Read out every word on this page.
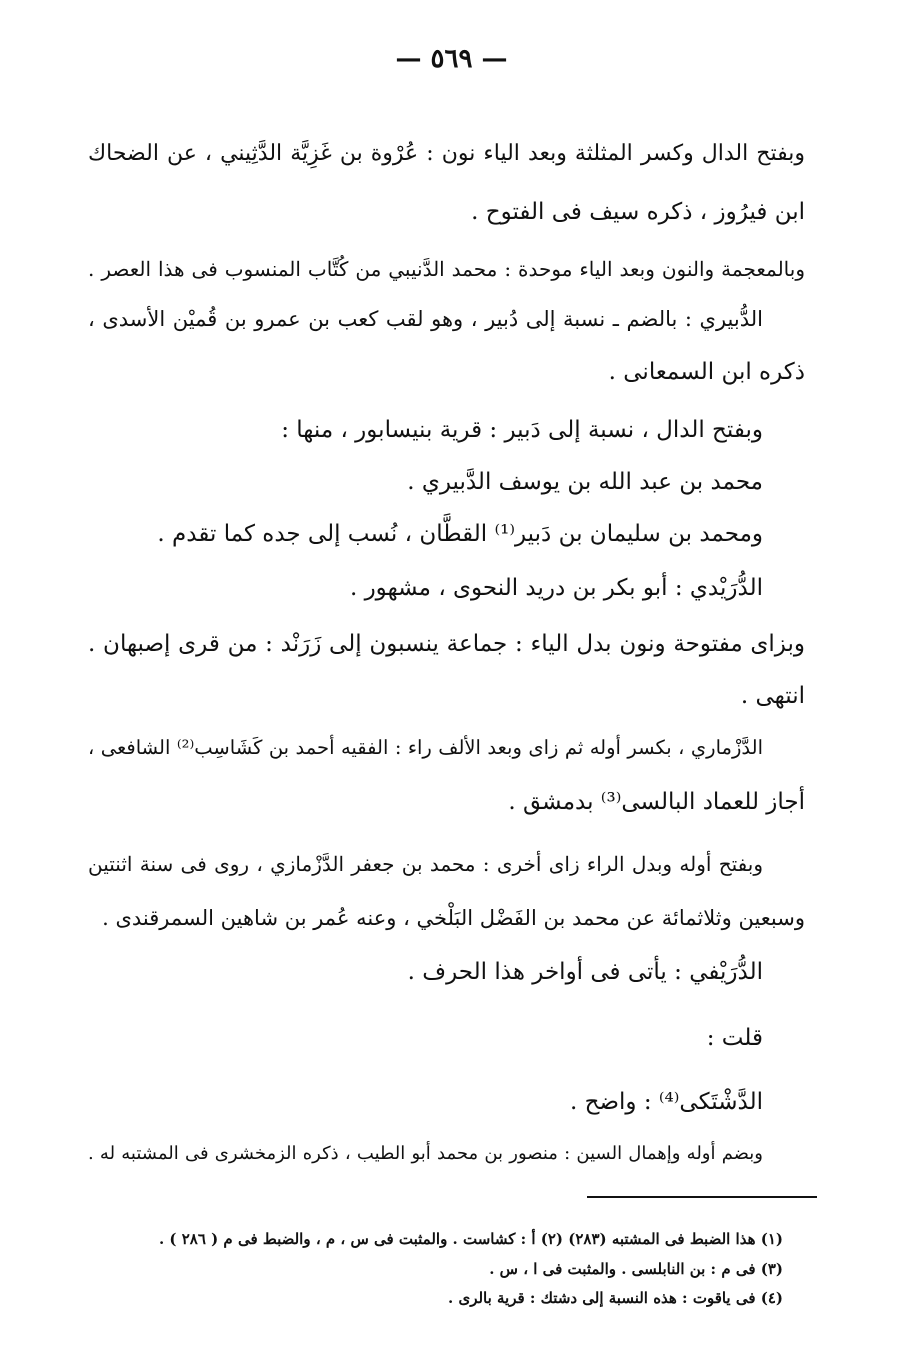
— ٥٦٩ —
وبفتح الدال وكسر المثلثة وبعد الياء نون : عُرْوة بن غَزِيَّة الدَّثِيني ، عن الضحاك
ابن فيرُوز ، ذكره سيف فى الفتوح .
وبالمعجمة والنون وبعد الياء موحدة : محمد الدَّنيبي من كُتَّاب المنسوب فى هذا العصر .
الدُّبيري : بالضم ـ نسبة إلى دُبير ، وهو لقب كعب بن عمرو بن قُميْن الأسدى ،
ذكره ابن السمعانى .
وبفتح الدال ، نسبة إلى دَبير : قرية بنيسابور ، منها :
محمد بن عبد الله بن يوسف الدَّبيري .
ومحمد بن سليمان بن دَبير⁽¹⁾ القطَّان ، نُسب إلى جده كما تقدم .
الدُّرَيْدي : أبو بكر بن دريد النحوى ، مشهور .
وبزاى مفتوحة ونون بدل الياء : جماعة ينسبون إلى زَرَنْد : من قرى إصبهان .
انتهى .
الدَّزْماري ، بكسر أوله ثم زاى وبعد الألف راء : الفقيه أحمد بن كَشَاسِب⁽²⁾ الشافعى ،
أجاز للعماد البالسى⁽³⁾ بدمشق .
وبفتح أوله وبدل الراء زاى أخرى : محمد بن جعفر الدَّزْمازي ، روى فى سنة اثنتين
وسبعين وثلاثمائة عن محمد بن الفَضْل البَلْخي ، وعنه عُمر بن شاهين السمرقندى .
الدُّرَيْفي : يأتى فى أواخر هذا الحرف .
قلت :
الدَّشْتَكى⁽⁴⁾ : واضح .
وبضم أوله وإهمال السين : منصور بن محمد أبو الطيب ، ذكره الزمخشرى فى المشتبه له .
(١) هذا الضبط فى المشتبه (٢٨٣) (٢) أ : كشاست . والمثبت فى س ، م ، والضبط فى م ( ٢٨٦ ) .
(٣) فى م : بن النابلسى . والمثبت فى ا ، س .
(٤) فى ياقوت : هذه النسبة إلى دشتك : قرية بالرى .
